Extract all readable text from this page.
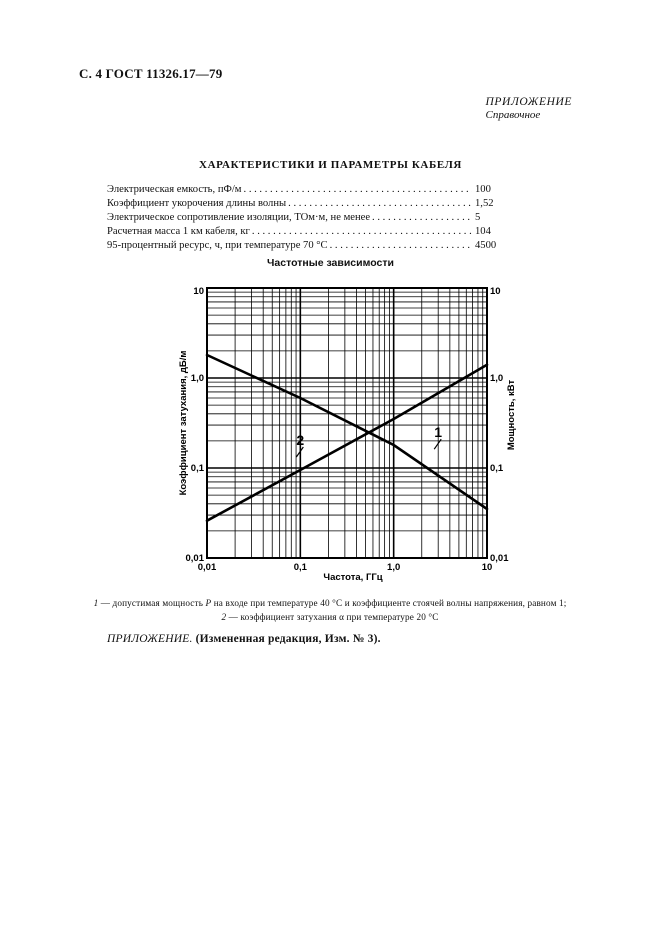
С. 4 ГОСТ 11326.17—79
ПРИЛОЖЕНИЕ
Справочное
ХАРАКТЕРИСТИКИ И ПАРАМЕТРЫ КАБЕЛЯ
Электрическая емкость, пФ/м . . .	100
Коэффициент укорочения длины волны . . .	1,52
Электрическое сопротивление изоляции, ТОм·м, не менее . . .	5
Расчетная масса 1 км кабеля, кг . . .	104
95-процентный ресурс, ч, при температуре 70 °С . . .	4500
Частотные зависимости
1
2
0,01	0,1	1,0	10
0,01
0,1
1,0
10
0,01
0,1
1,0
10
Частота, ГГц
Коэффициент затухания, дБ/м	Мощность, кВт
1 — допустимая мощность P на входе при температуре 40 °С и коэффициенте стоячей волны напряжения, равном 1;
2 — коэффициент затухания α при температуре 20 °С
ПРИЛОЖЕНИЕ. (Измененная редакция, Изм. № 3).
